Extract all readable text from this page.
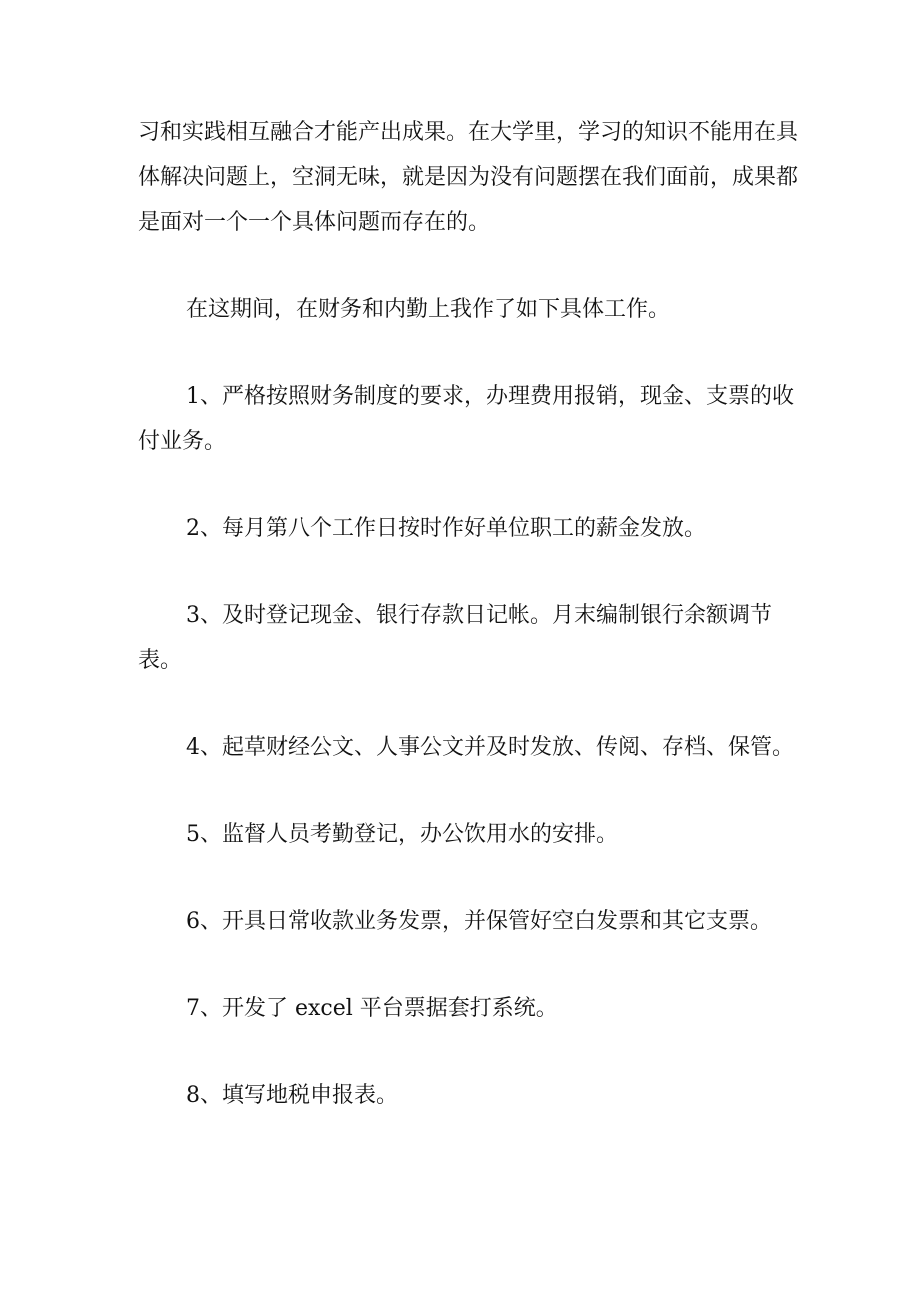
习和实践相互融合才能产出成果。在大学里，学习的知识不能用在具体解决问题上，空洞无味，就是因为没有问题摆在我们面前，成果都是面对一个一个具体问题而存在的。

在这期间，在财务和内勤上我作了如下具体工作。

1、严格按照财务制度的要求，办理费用报销，现金、支票的收付业务。

2、每月第八个工作日按时作好单位职工的薪金发放。

3、及时登记现金、银行存款日记帐。月末编制银行余额调节表。

4、起草财经公文、人事公文并及时发放、传阅、存档、保管。

5、监督人员考勤登记，办公饮用水的安排。

6、开具日常收款业务发票，并保管好空白发票和其它支票。

7、开发了 excel 平台票据套打系统。

8、填写地税申报表。
